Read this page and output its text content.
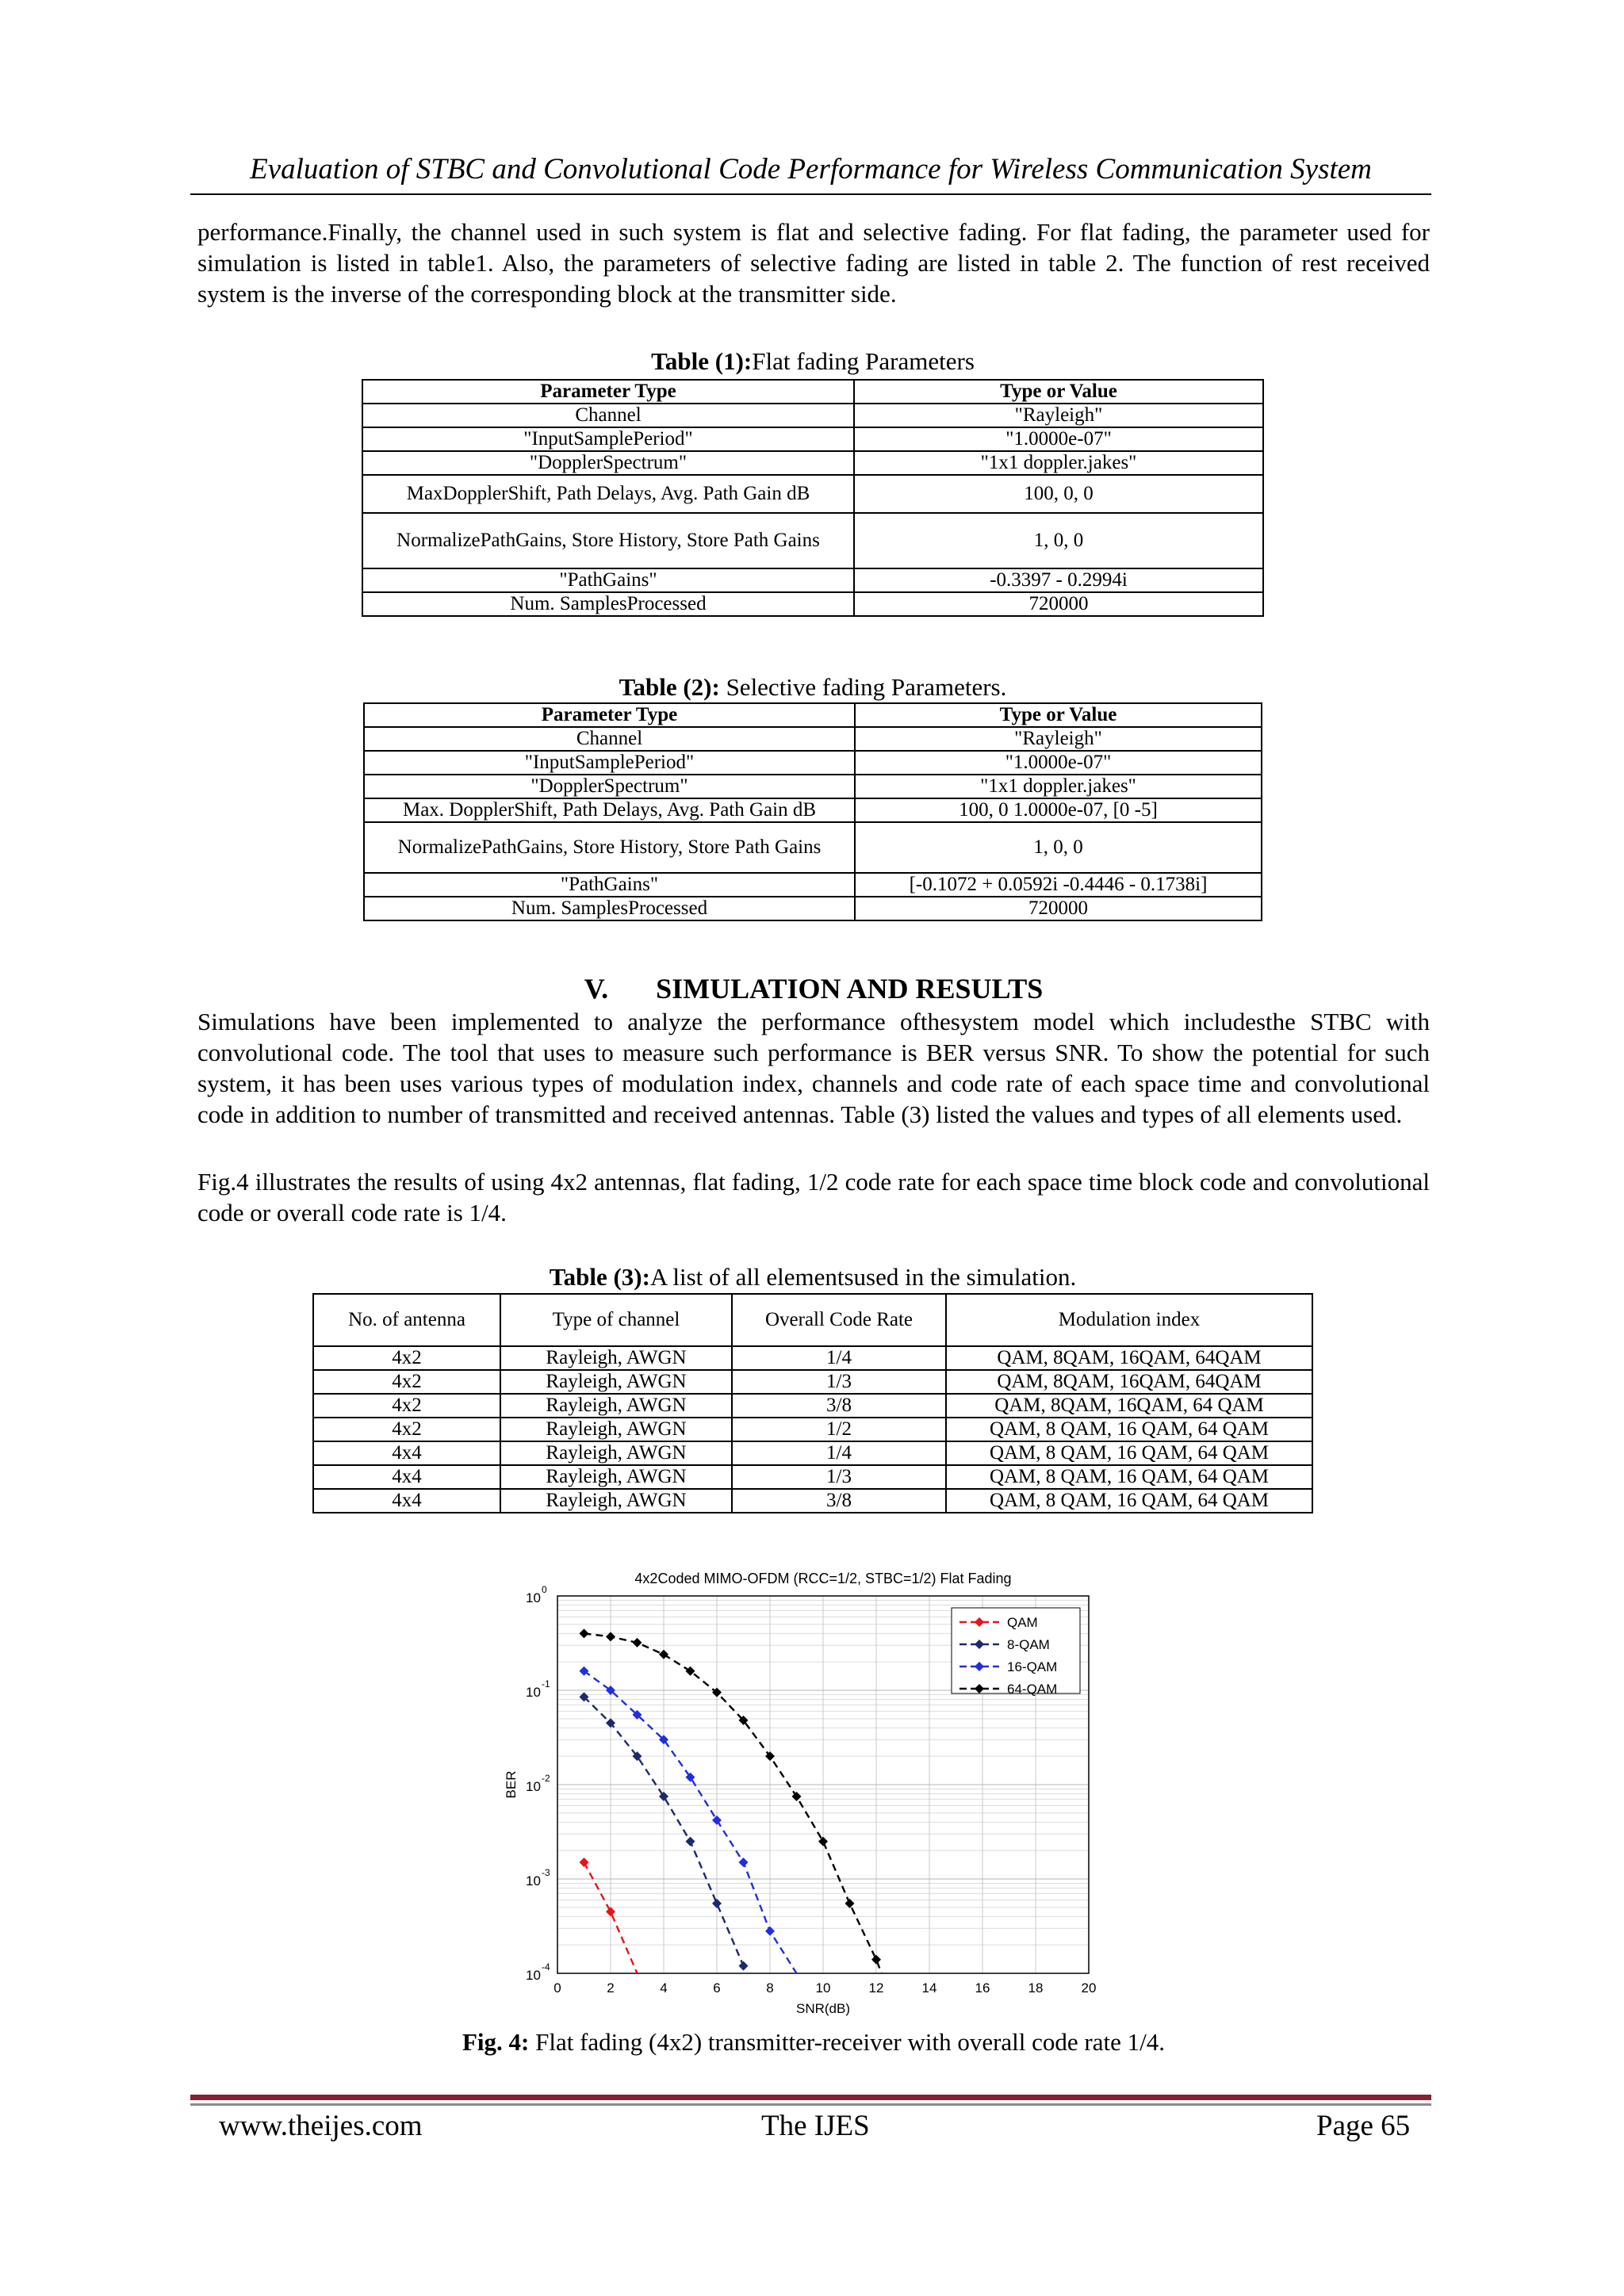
Evaluation of STBC and Convolutional Code Performance for Wireless Communication System

performance.Finally, the channel used in such system is flat and selective fading. For flat fading, the parameter used for simulation is listed in table1. Also, the parameters of selective fading are listed in table 2. The function of rest received system is the inverse of the corresponding block at the transmitter side.

Table (1):Flat fading Parameters
Parameter Type	Type or Value
Channel	"Rayleigh"
"InputSamplePeriod"	"1.0000e-07"
"DopplerSpectrum"	"1x1 doppler.jakes"
MaxDopplerShift, Path Delays, Avg. Path Gain dB	100, 0, 0
NormalizePathGains, Store History, Store Path Gains	1, 0, 0
"PathGains"	-0.3397 - 0.2994i
Num. SamplesProcessed	720000
Table (2): Selective fading Parameters.
Parameter Type	Type or Value
Channel	"Rayleigh"
"InputSamplePeriod"	"1.0000e-07"
"DopplerSpectrum"	"1x1 doppler.jakes"
Max. DopplerShift, Path Delays, Avg. Path Gain dB	100, 0 1.0000e-07, [0 -5]
NormalizePathGains, Store History, Store Path Gains	1, 0, 0
"PathGains"	[-0.1072 + 0.0592i -0.4446 - 0.1738i]
Num. SamplesProcessed	720000
V. SIMULATION AND RESULTS

Simulations have been implemented to analyze the performance ofthesystem model which includesthe STBC with convolutional code. The tool that uses to measure such performance is BER versus SNR. To show the potential for such system, it has been uses various types of modulation index, channels and code rate of each space time and convolutional code in addition to number of transmitted and received antennas. Table (3) listed the values and types of all elements used.

Fig.4 illustrates the results of using 4x2 antennas, flat fading, 1/2 code rate for each space time block code and convolutional code or overall code rate is 1/4.

Table (3):A list of all elementsused in the simulation.
No. of antenna	Type of channel	Overall Code Rate	Modulation index
4x2	Rayleigh, AWGN	1/4	QAM, 8QAM, 16QAM, 64QAM
4x2	Rayleigh, AWGN	1/3	QAM, 8QAM, 16QAM, 64QAM
4x2	Rayleigh, AWGN	3/8	QAM, 8QAM, 16QAM, 64 QAM
4x2	Rayleigh, AWGN	1/2	QAM, 8 QAM, 16 QAM, 64 QAM
4x4	Rayleigh, AWGN	1/4	QAM, 8 QAM, 16 QAM, 64 QAM
4x4	Rayleigh, AWGN	1/3	QAM, 8 QAM, 16 QAM, 64 QAM
4x4	Rayleigh, AWGN	3/8	QAM, 8 QAM, 16 QAM, 64 QAM
0	2	4	6	8	10	12	14	16	18	20
10
0
10
-1
10
-2
10
-3
10
-4
4x2Coded MIMO-OFDM (RCC=1/2, STBC=1/2) Flat Fading
SNR(dB)
BER
QAM
8-QAM
16-QAM
64-QAM
Fig. 4: Flat fading (4x2) transmitter-receiver with overall code rate 1/4.
www.theijes.com	The IJES	Page 65
